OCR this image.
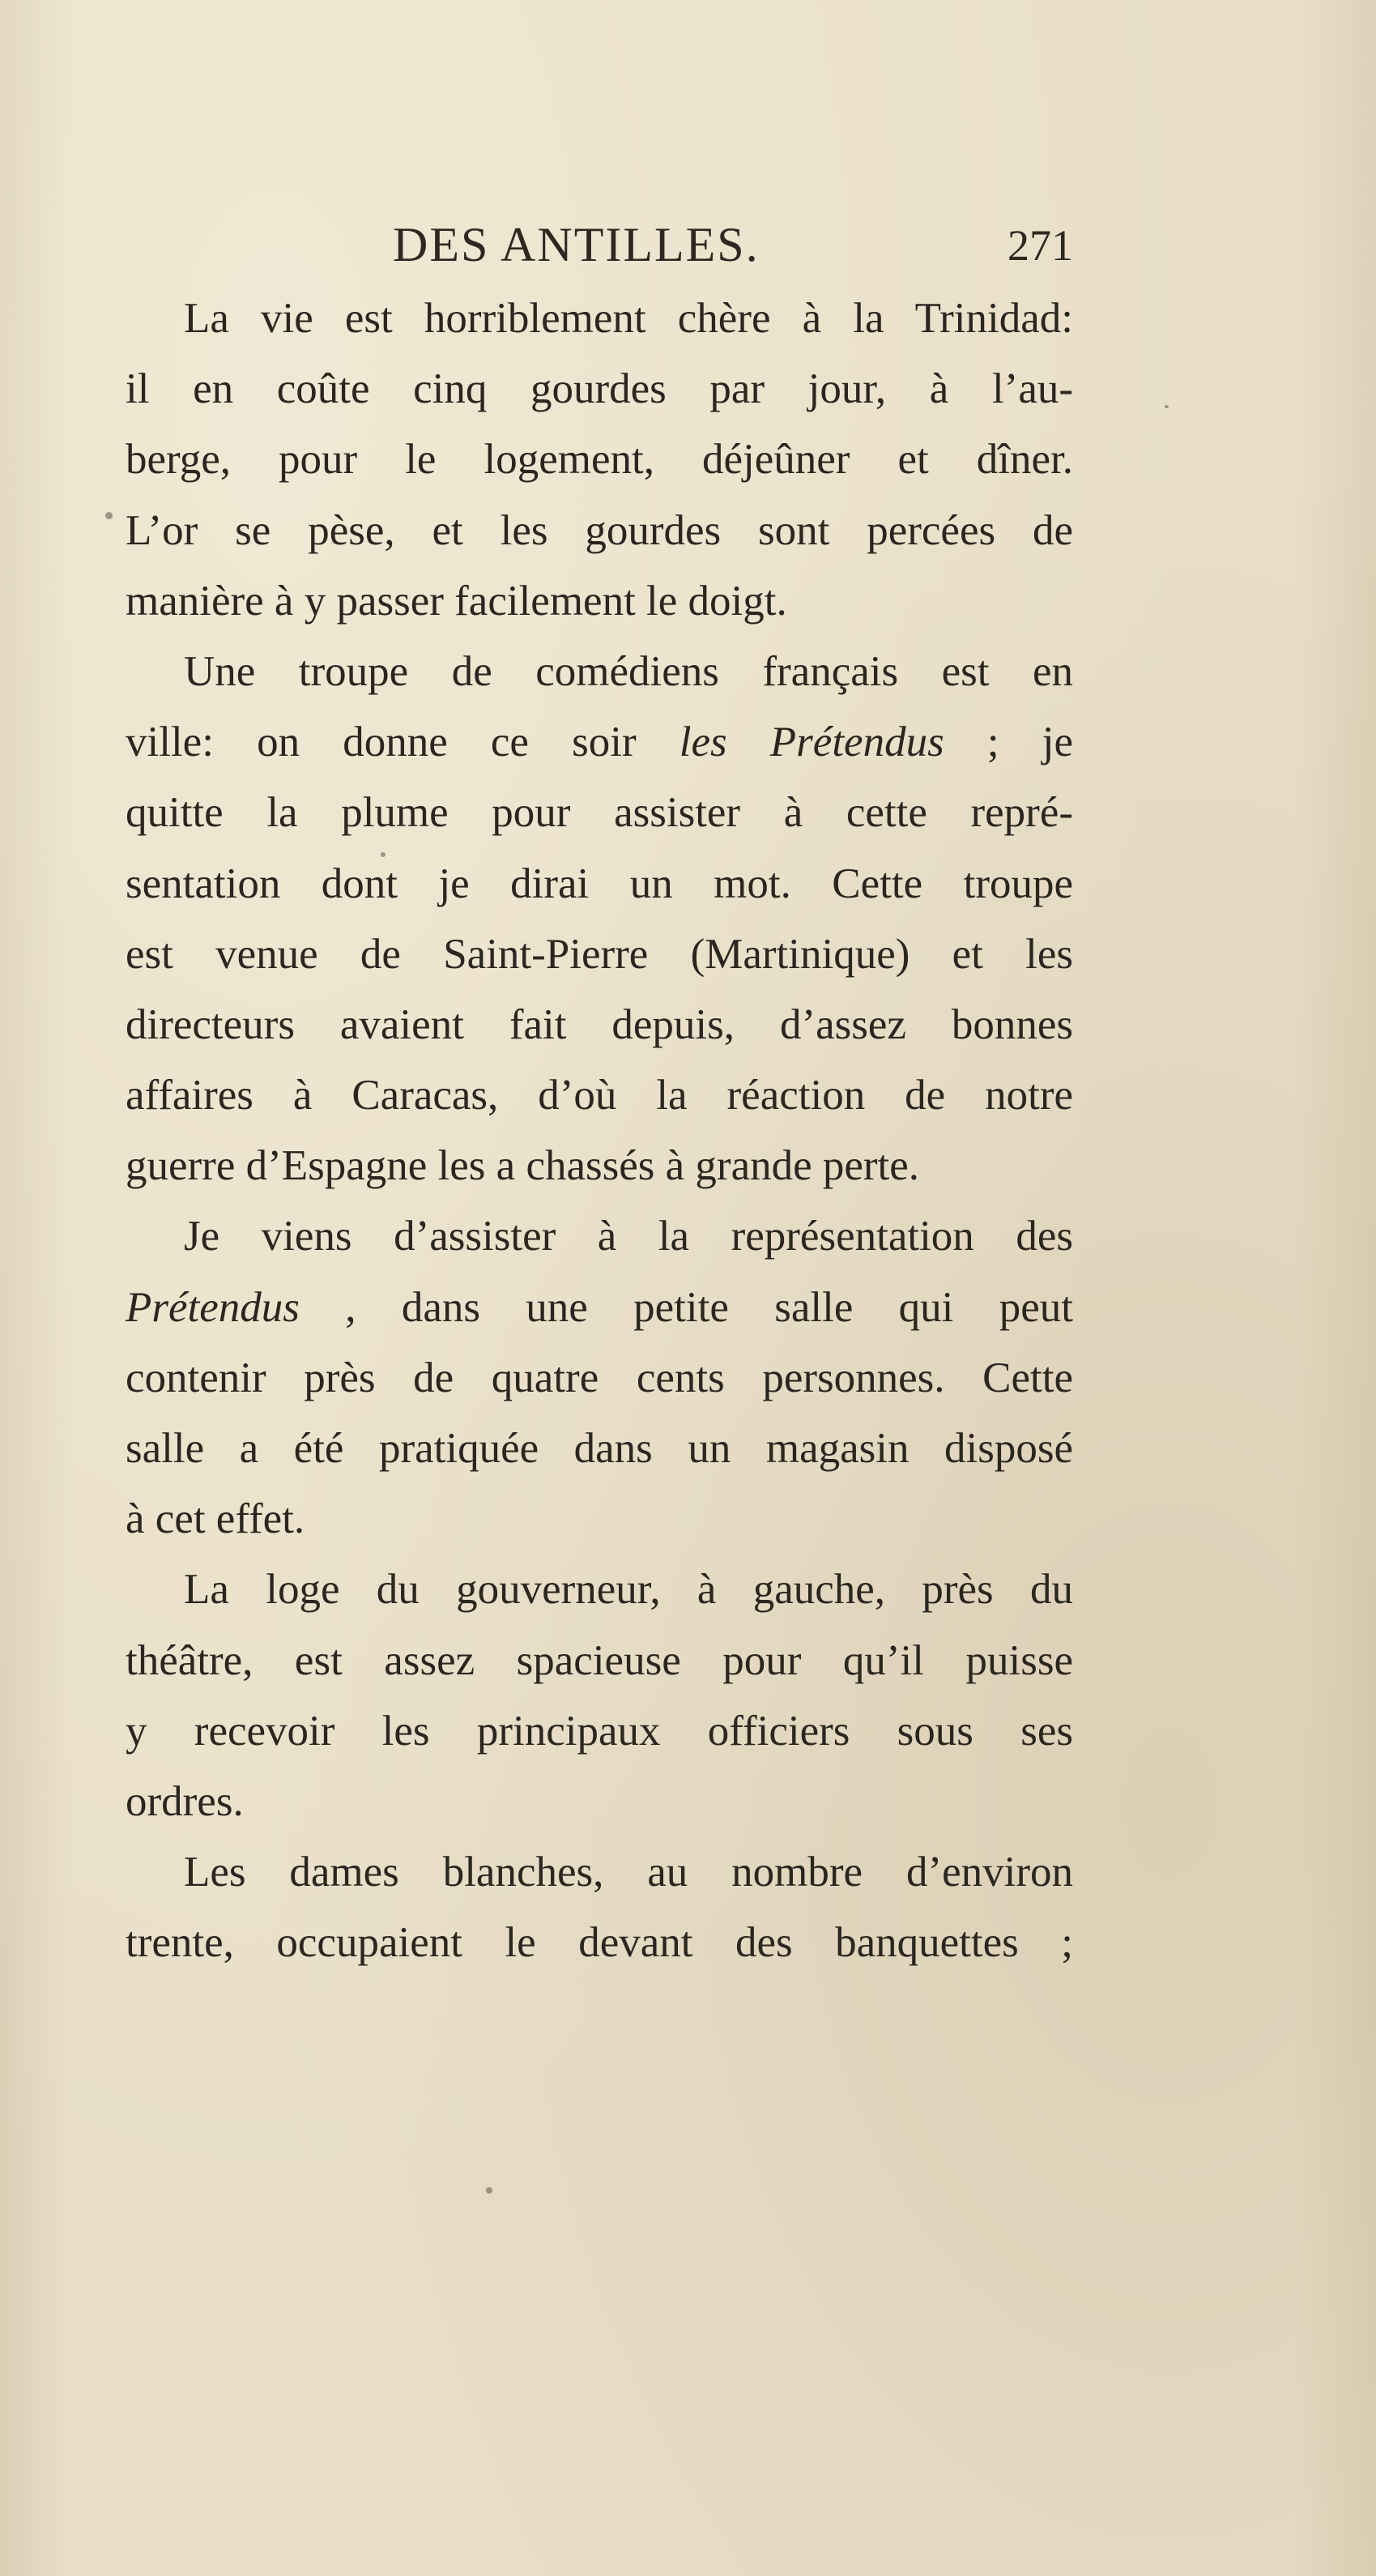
DES ANTILLES.	271
La vie est horriblement chère à la Trinidad:
il en coûte cinq gourdes par jour, à l’au-
berge, pour le logement, déjeûner et dîner.
L’or se pèse, et les gourdes sont percées de
manière à y passer facilement le doigt.
Une troupe de comédiens français est en
ville: on donne ce soir les Prétendus ; je
quitte la plume pour assister à cette repré-
sentation dont je dirai un mot. Cette troupe
est venue de Saint-Pierre (Martinique) et les
directeurs avaient fait depuis, d’assez bonnes
affaires à Caracas, d’où la réaction de notre
guerre d’Espagne les a chassés à grande perte.
Je viens d’assister à la représentation des
Prétendus , dans une petite salle qui peut
contenir près de quatre cents personnes. Cette
salle a été pratiquée dans un magasin disposé
à cet effet.
La loge du gouverneur, à gauche, près du
théâtre, est assez spacieuse pour qu’il puisse
y recevoir les principaux officiers sous ses
ordres.
Les dames blanches, au nombre d’environ
trente, occupaient le devant des banquettes ;
